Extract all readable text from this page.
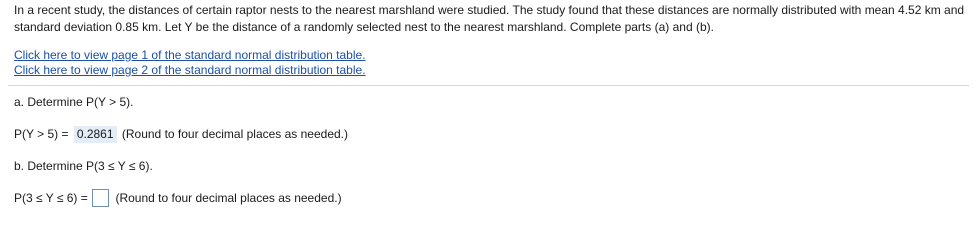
In a recent study, the distances of certain raptor nests to the nearest marshland were studied. The study found that these distances are normally distributed with mean 4.52 km and standard deviation 0.85 km. Let Y be the distance of a randomly selected nest to the nearest marshland. Complete parts (a) and (b).

Click here to view page 1 of the standard normal distribution table.
Click here to view page 2 of the standard normal distribution table.
a. Determine P(Y > 5).
P(Y > 5) = 0.2861 (Round to four decimal places as needed.)
b. Determine P(3 ≤ Y ≤ 6).
P(3 ≤ Y ≤ 6) = (Round to four decimal places as needed.)
